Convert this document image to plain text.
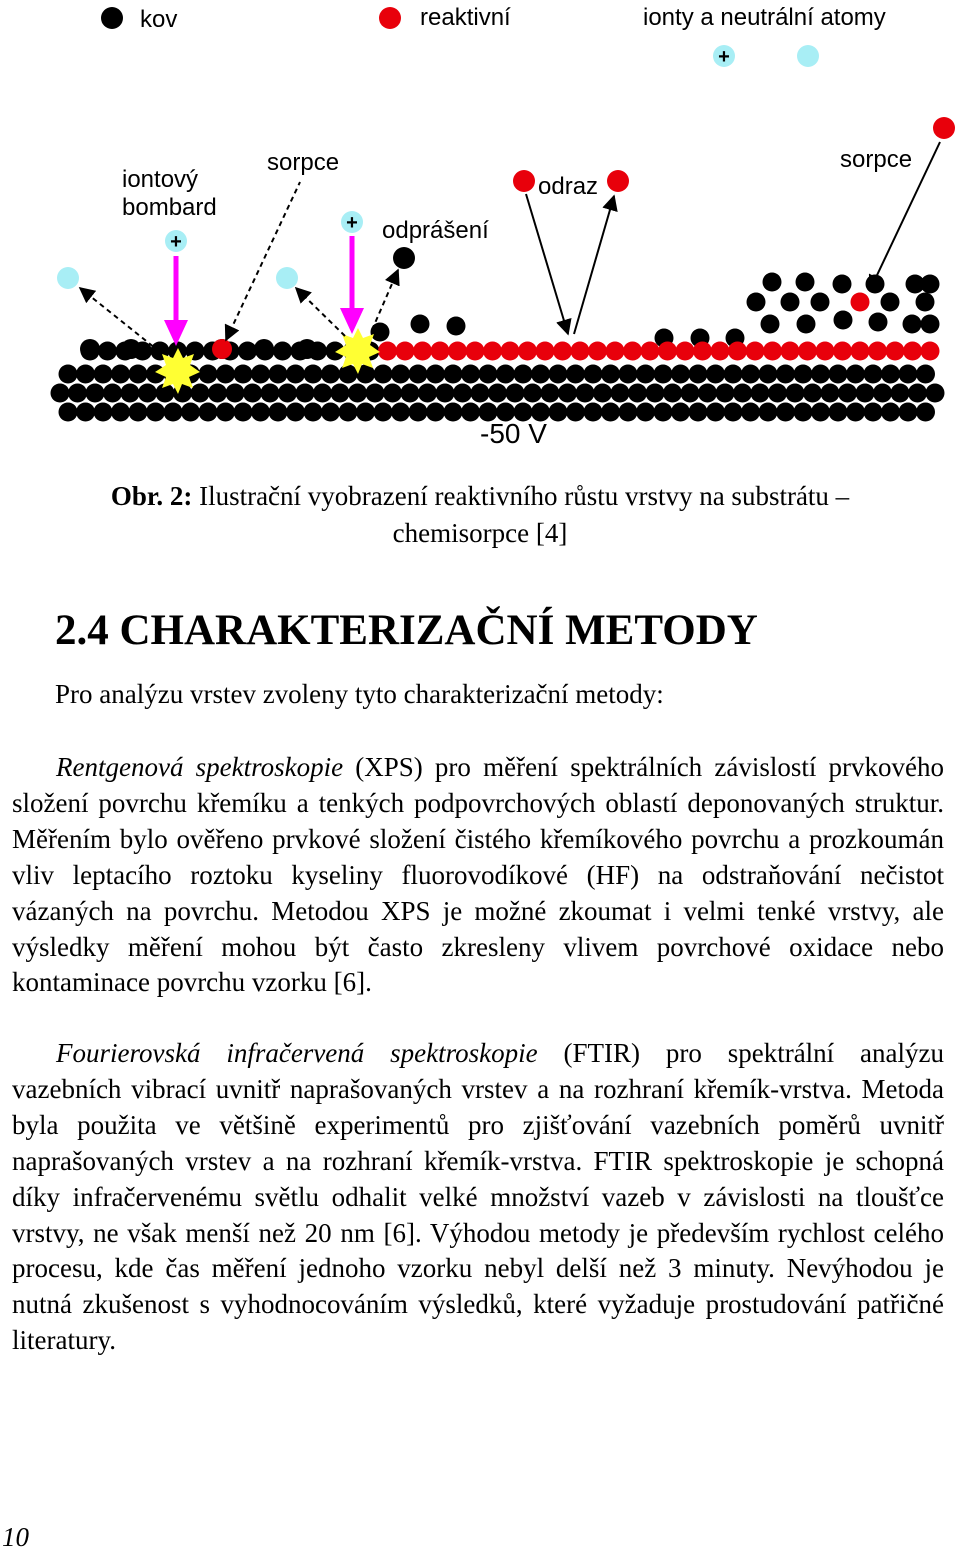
kov	reaktivní	ionty a neutrální atomy
+
iontový
bombard
sorpce
odprášení
odraz
sorpce
-50 V
+
+
Obr. 2: Ilustrační vyobrazení reaktivního růstu vrstvy na substrátu – chemisorpce [4]
2.4 CHARAKTERIZAČNÍ METODY

Pro analýzu vrstev zvoleny tyto charakterizační metody:

Rentgenová spektroskopie (XPS) pro měření spektrálních závislostí prvkového složení povrchu křemíku a tenkých podpovrchových oblastí deponovaných struktur. Měřením bylo ověřeno prvkové složení čistého křemíkového povrchu a prozkoumán vliv leptacího roztoku kyseliny fluorovodíkové (HF) na odstraňování nečistot vázaných na povrchu. Metodou XPS je možné zkoumat i velmi tenké vrstvy, ale výsledky měření mohou být často zkresleny vlivem povrchové oxidace nebo kontaminace povrchu vzorku [6].

Fourierovská infračervená spektroskopie (FTIR) pro spektrální analýzu vazebních vibrací uvnitř naprašovaných vrstev a na rozhraní křemík-vrstva. Metoda byla použita ve většině experimentů pro zjišťování vazebních poměrů uvnitř naprašovaných vrstev a na rozhraní křemík-vrstva. FTIR spektroskopie je schopná díky infračervenému světlu odhalit velké množství vazeb v závislosti na tloušťce vrstvy, ne však menší než 20 nm [6]. Výhodou metody je především rychlost celého procesu, kde čas měření jednoho vzorku nebyl delší než 3 minuty. Nevýhodou je nutná zkušenost s vyhodnocováním výsledků, které vyžaduje prostudování patřičné literatury.

10
